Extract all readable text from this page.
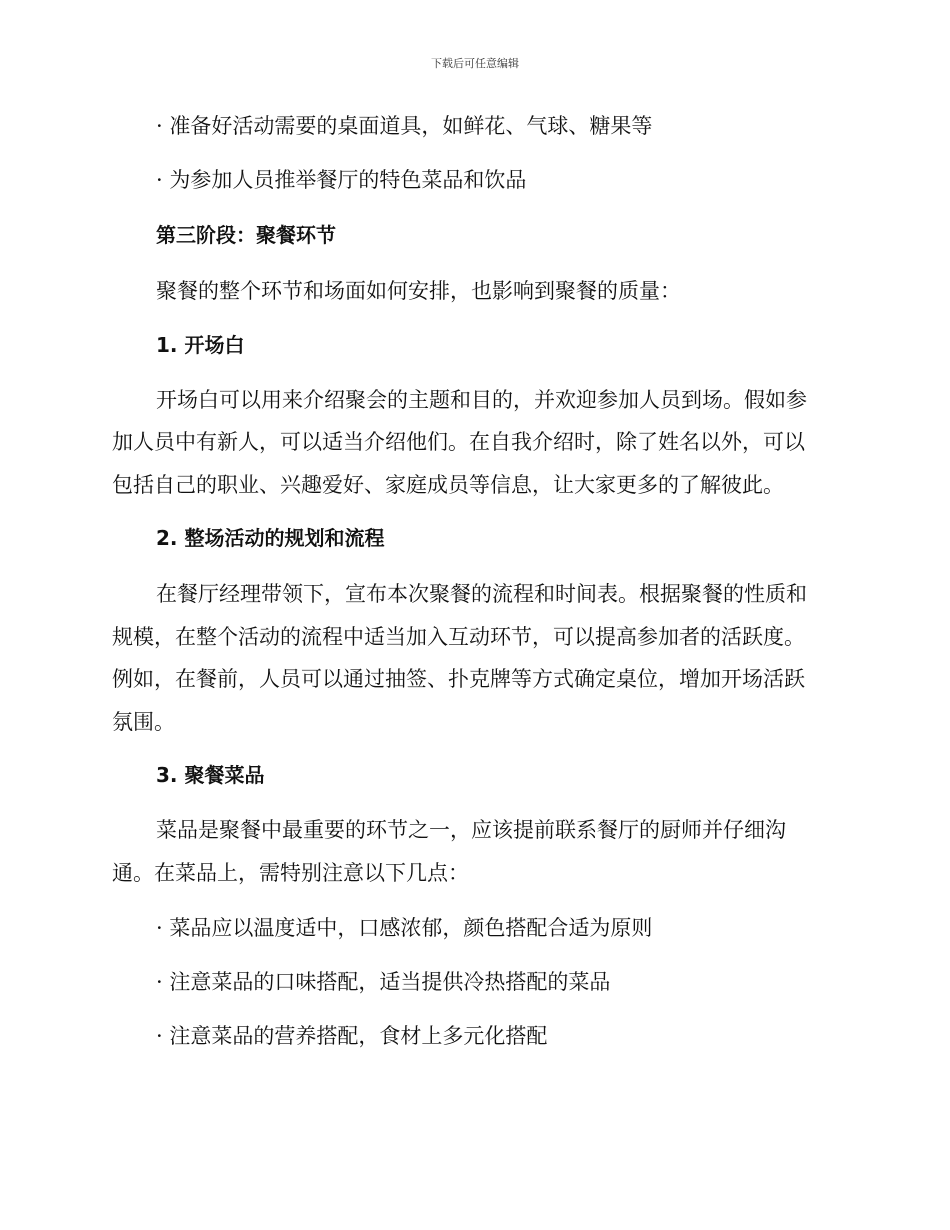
下载后可任意编辑
· 准备好活动需要的桌面道具，如鲜花、气球、糖果等
· 为参加人员推举餐厅的特色菜品和饮品
第三阶段：聚餐环节
聚餐的整个环节和场面如何安排，也影响到聚餐的质量：
1. 开场白
开场白可以用来介绍聚会的主题和目的，并欢迎参加人员到场。假如参
加人员中有新人，可以适当介绍他们。在自我介绍时，除了姓名以外，可以
包括自己的职业、兴趣爱好、家庭成员等信息，让大家更多的了解彼此。
2. 整场活动的规划和流程
在餐厅经理带领下，宣布本次聚餐的流程和时间表。根据聚餐的性质和
规模，在整个活动的流程中适当加入互动环节，可以提高参加者的活跃度。
例如，在餐前，人员可以通过抽签、扑克牌等方式确定桌位，增加开场活跃
氛围。
3. 聚餐菜品
菜品是聚餐中最重要的环节之一，应该提前联系餐厅的厨师并仔细沟
通。在菜品上，需特别注意以下几点：
· 菜品应以温度适中，口感浓郁，颜色搭配合适为原则
· 注意菜品的口味搭配，适当提供冷热搭配的菜品
· 注意菜品的营养搭配，食材上多元化搭配
